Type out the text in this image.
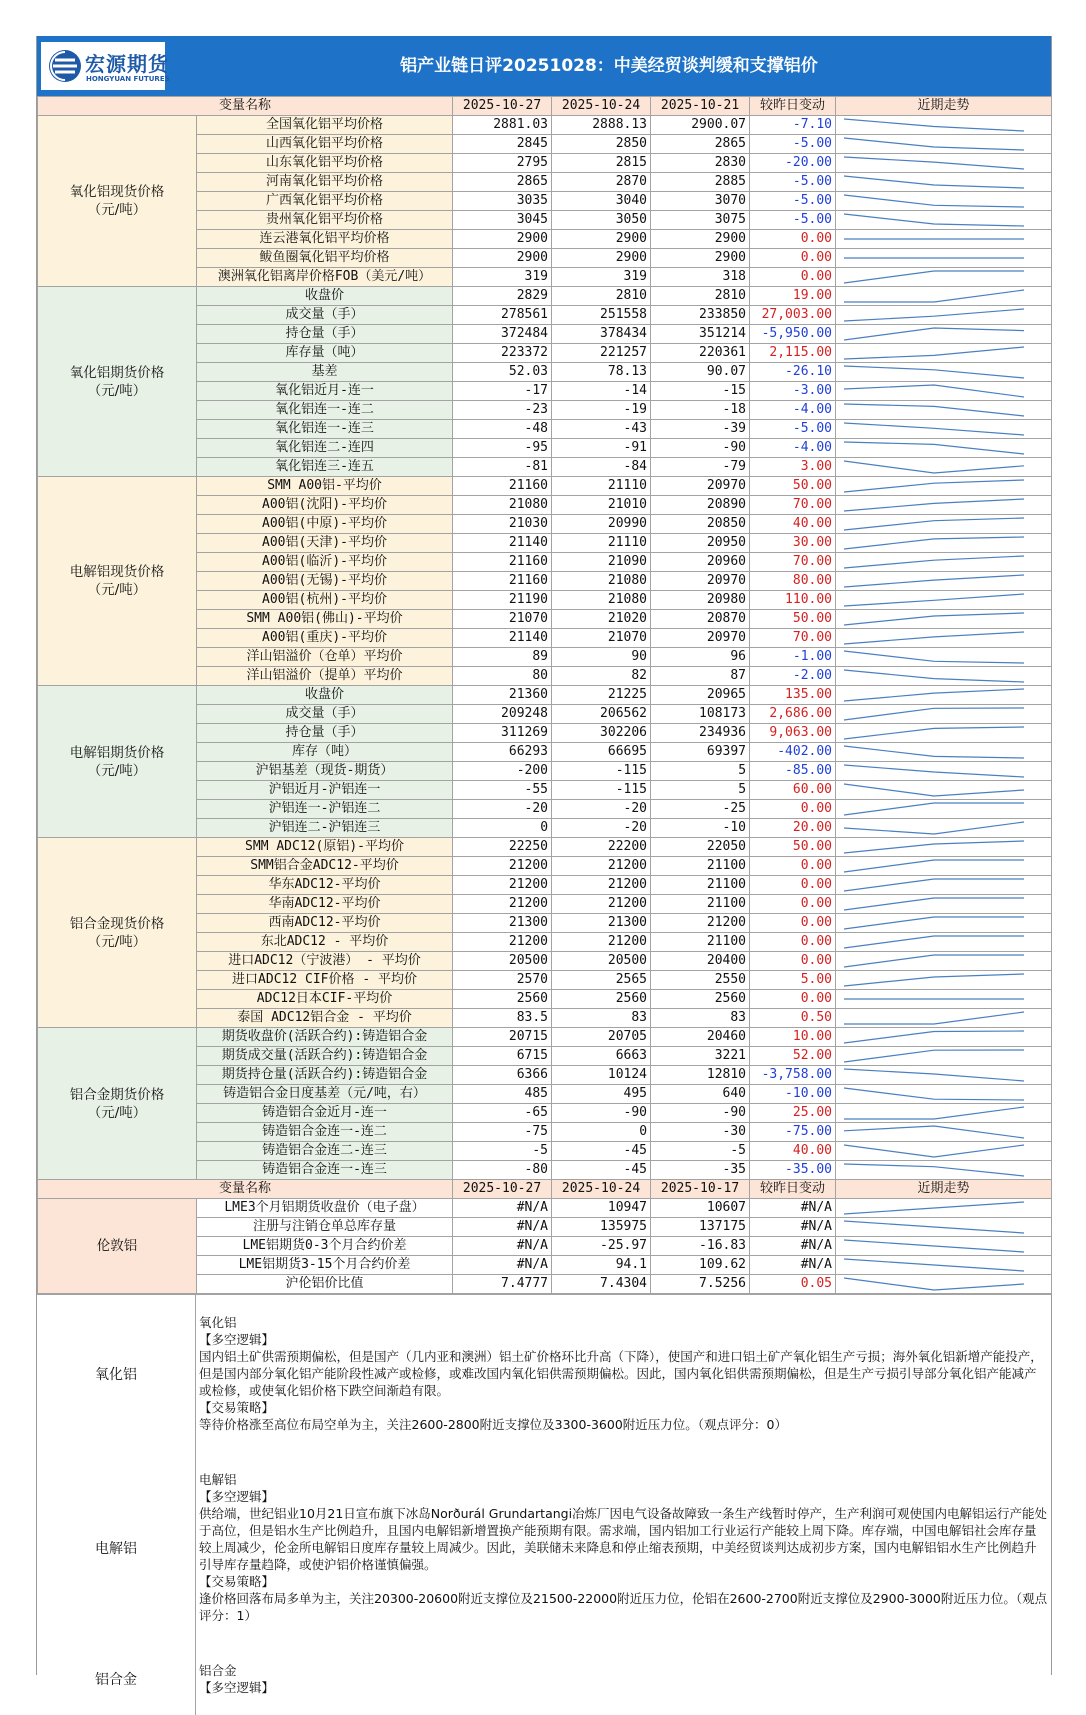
宏源期货
HONGYUAN FUTURES
铝产业链日评20251028：中美经贸谈判缓和支撑铝价
变量名称		2025-10-27	2025-10-24	2025-10-21	较昨日变动	近期走势
氧化铝现货价格
（元/吨）	全国氧化铝平均价格	2881.03	2888.13	2900.07	-7.10	

	山西氧化铝平均价格	2845	2850	2865	-5.00	

	山东氧化铝平均价格	2795	2815	2830	-20.00	

	河南氧化铝平均价格	2865	2870	2885	-5.00	

	广西氧化铝平均价格	3035	3040	3070	-5.00	

	贵州氧化铝平均价格	3045	3050	3075	-5.00	

	连云港氧化铝平均价格	2900	2900	2900	0.00	

	鲅鱼圈氧化铝平均价格	2900	2900	2900	0.00	

	澳洲氧化铝离岸价格FOB（美元/吨）	319	319	318	0.00	

氧化铝期货价格
（元/吨）	收盘价	2829	2810	2810	19.00	

	成交量（手）	278561	251558	233850	27,003.00	

	持仓量（手）	372484	378434	351214	-5,950.00	

	库存量（吨）	223372	221257	220361	2,115.00	

	基差	52.03	78.13	90.07	-26.10	

	氧化铝近月-连一	-17	-14	-15	-3.00	

	氧化铝连一-连二	-23	-19	-18	-4.00	

	氧化铝连一-连三	-48	-43	-39	-5.00	

	氧化铝连二-连四	-95	-91	-90	-4.00	

	氧化铝连三-连五	-81	-84	-79	3.00	

电解铝现货价格
（元/吨）	SMM A00铝-平均价	21160	21110	20970	50.00	

	A00铝(沈阳)-平均价	21080	21010	20890	70.00	

	A00铝(中原)-平均价	21030	20990	20850	40.00	

	A00铝(天津)-平均价	21140	21110	20950	30.00	

	A00铝(临沂)-平均价	21160	21090	20960	70.00	

	A00铝(无锡)-平均价	21160	21080	20970	80.00	

	A00铝(杭州)-平均价	21190	21080	20980	110.00	

	SMM A00铝(佛山)-平均价	21070	21020	20870	50.00	

	A00铝(重庆)-平均价	21140	21070	20970	70.00	

	洋山铝溢价（仓单）平均价	89	90	96	-1.00	

	洋山铝溢价（提单）平均价	80	82	87	-2.00	

电解铝期货价格
（元/吨）	收盘价	21360	21225	20965	135.00	

	成交量（手）	209248	206562	108173	2,686.00	

	持仓量（手）	311269	302206	234936	9,063.00	

	库存（吨）	66293	66695	69397	-402.00	

	沪铝基差（现货-期货）	-200	-115	5	-85.00	

	沪铝近月-沪铝连一	-55	-115	5	60.00	

	沪铝连一-沪铝连二	-20	-20	-25	0.00	

	沪铝连二-沪铝连三	0	-20	-10	20.00	

铝合金现货价格
（元/吨）	SMM ADC12(原铝)-平均价	22250	22200	22050	50.00	

	SMM铝合金ADC12-平均价	21200	21200	21100	0.00	

	华东ADC12-平均价	21200	21200	21100	0.00	

	华南ADC12-平均价	21200	21200	21100	0.00	

	西南ADC12-平均价	21300	21300	21200	0.00	

	东北ADC12 - 平均价	21200	21200	21100	0.00	

	进口ADC12（宁波港） - 平均价	20500	20500	20400	0.00	

	进口ADC12 CIF价格 - 平均价	2570	2565	2550	5.00	

	ADC12日本CIF-平均价	2560	2560	2560	0.00	

	泰国 ADC12铝合金 - 平均价	83.5	83	83	0.50	

铝合金期货价格
（元/吨）	期货收盘价(活跃合约):铸造铝合金	20715	20705	20460	10.00	

	期货成交量(活跃合约):铸造铝合金	6715	6663	3221	52.00	

	期货持仓量(活跃合约):铸造铝合金	6366	10124	12810	-3,758.00	

	铸造铝合金日度基差（元/吨，右）	485	495	640	-10.00	

	铸造铝合金近月-连一	-65	-90	-90	25.00	

	铸造铝合金连一-连二	-75	0	-30	-75.00	

	铸造铝合金连二-连三	-5	-45	-5	40.00	

	铸造铝合金连一-连三	-80	-45	-35	-35.00	

变量名称		2025-10-27	2025-10-24	2025-10-17	较昨日变动	近期走势
伦敦铝	LME3个月铝期货收盘价（电子盘）	#N/A	10947	10607	#N/A	

	注册与注销仓单总库存量	#N/A	135975	137175	#N/A	

	LME铝期货0-3个月合约价差	#N/A	-25.97	-16.83	#N/A	

	LME铝期货3-15个月合约价差	#N/A	94.1	109.62	#N/A	

	沪伦铝价比值	7.4777	7.4304	7.5256	0.05	
氧化铝

氧化铝

【多空逻辑】

国内铝土矿供需预期偏松，但是国产（几内亚和澳洲）铝土矿价格环比升高（下降），使国产和进口铝土矿产氧化铝生产亏损；海外氧化铝新增产能投产，但是国内部分氧化铝产能阶段性减产或检修，或难改国内氧化铝供需预期偏松。因此，国内氧化铝供需预期偏松，但是生产亏损引导部分氧化铝产能减产或检修，或使氧化铝价格下跌空间渐趋有限。

【交易策略】

等待价格涨至高位布局空单为主，关注2600-2800附近支撑位及3300-3600附近压力位。（观点评分：0）

电解铝

电解铝

【多空逻辑】

供给端，世纪铝业10月21日宣布旗下冰岛Norðurál Grundartangi冶炼厂因电气设备故障致一条生产线暂时停产，生产利润可观使国内电解铝运行产能处于高位，但是铝水生产比例趋升，且国内电解铝新增置换产能预期有限。需求端，国内铝加工行业运行产能较上周下降。库存端，中国电解铝社会库存量较上周减少，伦金所电解铝日度库存量较上周减少。因此，美联储未来降息和停止缩表预期，中美经贸谈判达成初步方案，国内电解铝铝水生产比例趋升引导库存量趋降，或使沪铝价格谨慎偏强。

【交易策略】

逢价格回落布局多单为主，关注20300-20600附近支撑位及21500-22000附近压力位，伦铝在2600-2700附近支撑位及2900-3000附近压力位。（观点评分：1）

铝合金

铝合金

【多空逻辑】
